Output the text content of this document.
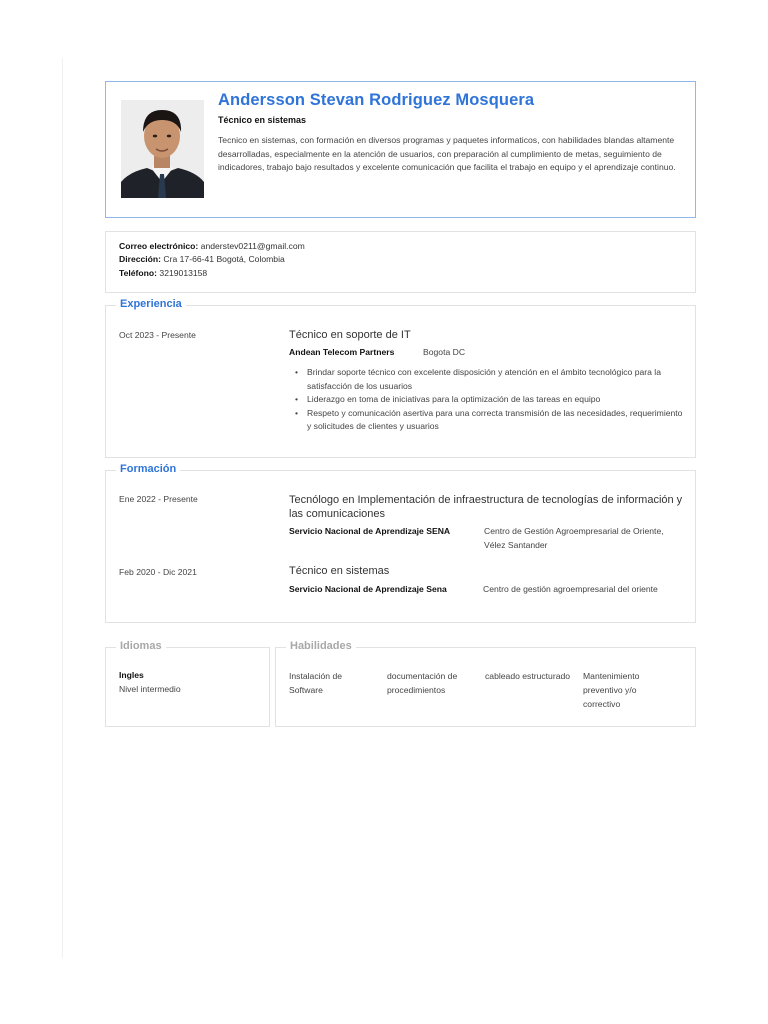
Andersson Stevan Rodriguez Mosquera
Técnico en sistemas
Tecnico en sistemas, con formación en diversos programas y paquetes informaticos, con habilidades blandas altamente desarrolladas, especialmente en la atención de usuarios, con preparación al cumplimiento de metas, seguimiento de indicadores, trabajo bajo resultados y excelente comunicación que facilita el trabajo en equipo y el aprendizaje continuo.
Correo electrónico: anderstev0211@gmail.com
Dirección: Cra 17-66-41 Bogotá, Colombia
Teléfono: 3219013158
Experiencia
Oct 2023 - Presente	Técnico en soporte de IT
Andean Telecom Partners	Bogota DC
• Brindar soporte técnico con excelente disposición y atención en el ámbito tecnológico para la satisfacción de los usuarios
• Liderazgo en toma de iniciativas para la optimización de las tareas en equipo
• Respeto y comunicación asertiva para una correcta transmisión de las necesidades, requerimiento y solicitudes de clientes y usuarios
Formación
Ene 2022 - Presente	Tecnólogo en Implementación de infraestructura de tecnologías de información y las comunicaciones
Servicio Nacional de Aprendizaje SENA	Centro de Gestión Agroempresarial de Oriente, Vélez Santander
Feb 2020 - Dic 2021	Técnico en sistemas
Servicio Nacional de Aprendizaje Sena	Centro de gestión agroempresarial del oriente
Idiomas
Ingles
Nivel intermedio
Habilidades
Instalación de Software
documentación de procedimientos
cableado estructurado Mantenimiento preventivo y/o correctivo
